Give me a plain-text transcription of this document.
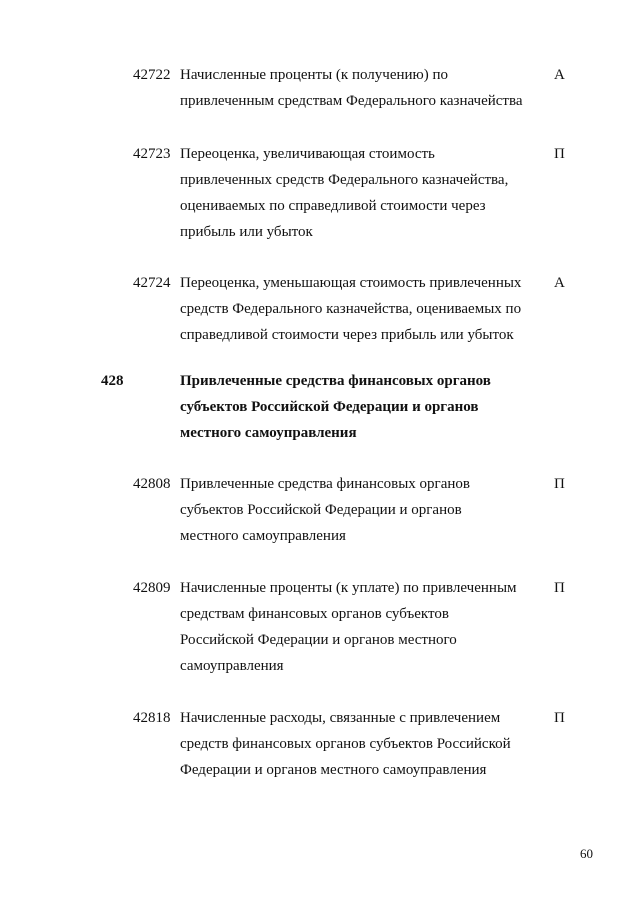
42722 Начисленные проценты (к получению) по
привлеченным средствам Федерального казначейства
А
42723 Переоценка, увеличивающая стоимость
привлеченных средств Федерального казначейства,
оцениваемых по справедливой стоимости через
прибыль или убыток
П
42724 Переоценка, уменьшающая стоимость привлеченных
средств Федерального казначейства, оцениваемых по
справедливой стоимости через прибыль или убыток
А
428	Привлеченные средства финансовых органов
субъектов Российской Федерации и органов
местного самоуправления
42808 Привлеченные средства финансовых органов
субъектов Российской Федерации и органов
местного самоуправления
П
42809 Начисленные проценты (к уплате) по привлеченным
средствам финансовых органов субъектов
Российской Федерации и органов местного
самоуправления
П
42818 Начисленные расходы, связанные с привлечением
средств финансовых органов субъектов Российской
Федерации и органов местного самоуправления
П
60
